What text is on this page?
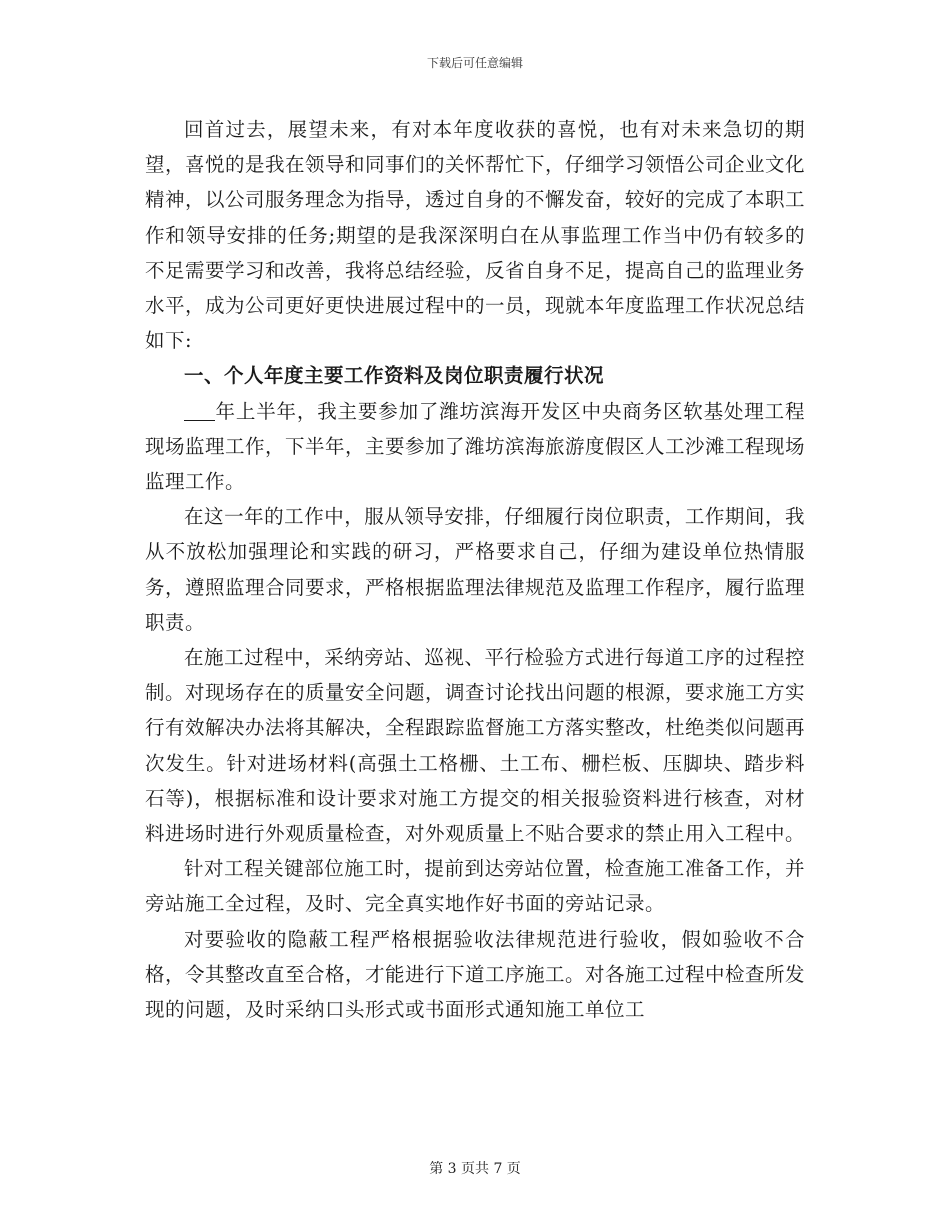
下载后可任意编辑

回首过去，展望未来，有对本年度收获的喜悦，也有对未来急切的期望，喜悦的是我在领导和同事们的关怀帮忙下，仔细学习领悟公司企业文化精神，以公司服务理念为指导，透过自身的不懈发奋，较好的完成了本职工作和领导安排的任务;期望的是我深深明白在从事监理工作当中仍有较多的不足需要学习和改善，我将总结经验，反省自身不足，提高自己的监理业务水平，成为公司更好更快进展过程中的一员，现就本年度监理工作状况总结如下:

一、个人年度主要工作资料及岗位职责履行状况

年上半年，我主要参加了潍坊滨海开发区中央商务区软基处理工程现场监理工作，下半年，主要参加了潍坊滨海旅游度假区人工沙滩工程现场监理工作。

在这一年的工作中，服从领导安排，仔细履行岗位职责，工作期间，我从不放松加强理论和实践的研习，严格要求自己，仔细为建设单位热情服务，遵照监理合同要求，严格根据监理法律规范及监理工作程序，履行监理职责。

在施工过程中，采纳旁站、巡视、平行检验方式进行每道工序的过程控制。对现场存在的质量安全问题，调查讨论找出问题的根源，要求施工方实行有效解决办法将其解决，全程跟踪监督施工方落实整改，杜绝类似问题再次发生。针对进场材料(高强土工格栅、土工布、栅栏板、压脚块、踏步料石等)，根据标准和设计要求对施工方提交的相关报验资料进行核查，对材料进场时进行外观质量检查，对外观质量上不贴合要求的禁止用入工程中。

针对工程关键部位施工时，提前到达旁站位置，检查施工准备工作，并旁站施工全过程，及时、完全真实地作好书面的旁站记录。

对要验收的隐蔽工程严格根据验收法律规范进行验收，假如验收不合格，令其整改直至合格，才能进行下道工序施工。对各施工过程中检查所发现的问题，及时采纳口头形式或书面形式通知施工单位工

第 3 页共 7 页
